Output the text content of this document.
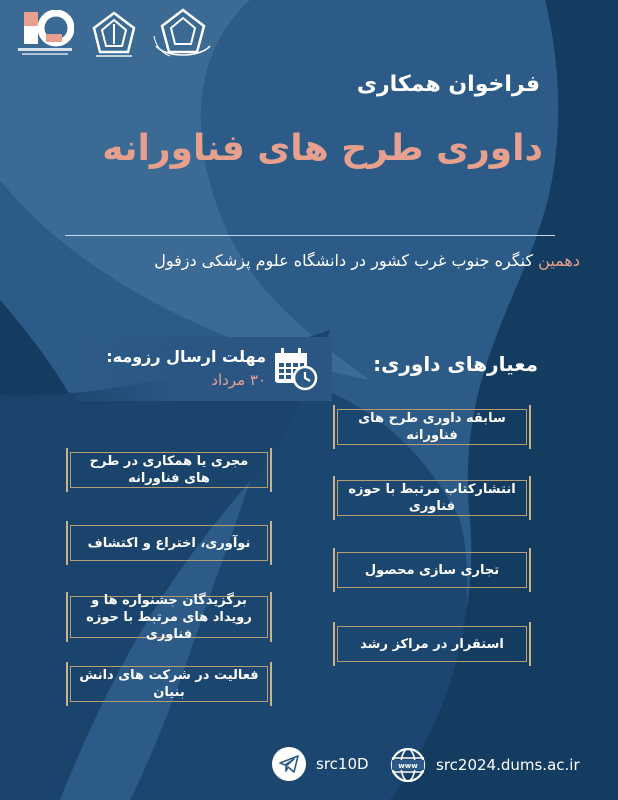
فراخوان همکاری
داوری طرح های فناورانه
دهمین کنگره جنوب غرب کشور در دانشگاه علوم پزشکی دزفول
معیارهای داوری:
مهلت ارسال رزومه:
۳۰ مرداد
سابقه داوری طرح های فناورانه
انتشارکتاب مرتبط با حوزه فناوری
تجاری سازی محصول
استقرار در مراکز رشد
مجری یا همکاری در طرح های فناورانه
نوآوری، اختراع و اکتشاف
برگزیدگان جشنواره ها و رویداد های مرتبط با حوزه فناوری
فعالیت در شرکت های دانش بنیان
src10D	www src2024.dums.ac.ir
